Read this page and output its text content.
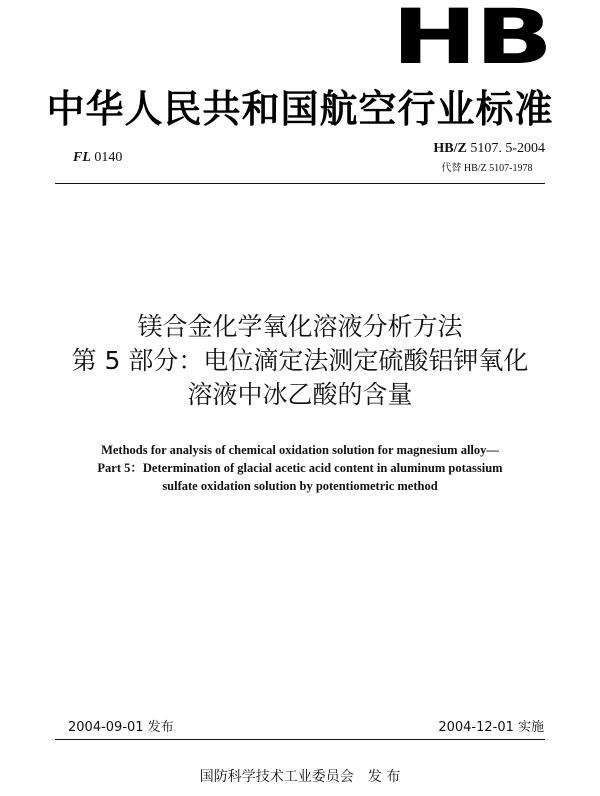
HB
中华人民共和国航空行业标准
FL 0140
HB/Z 5107. 5-2004
代替 HB/Z 5107-1978
镁合金化学氧化溶液分析方法
第 5 部分：电位滴定法测定硫酸铝钾氧化
溶液中冰乙酸的含量
Methods for analysis of chemical oxidation solution for magnesium alloy—
Part 5：Determination of glacial acetic acid content in aluminum potassium
sulfate oxidation solution by potentiometric method
2004-09-01 发布	2004-12-01 实施
国防科学技术工业委员会 发 布
